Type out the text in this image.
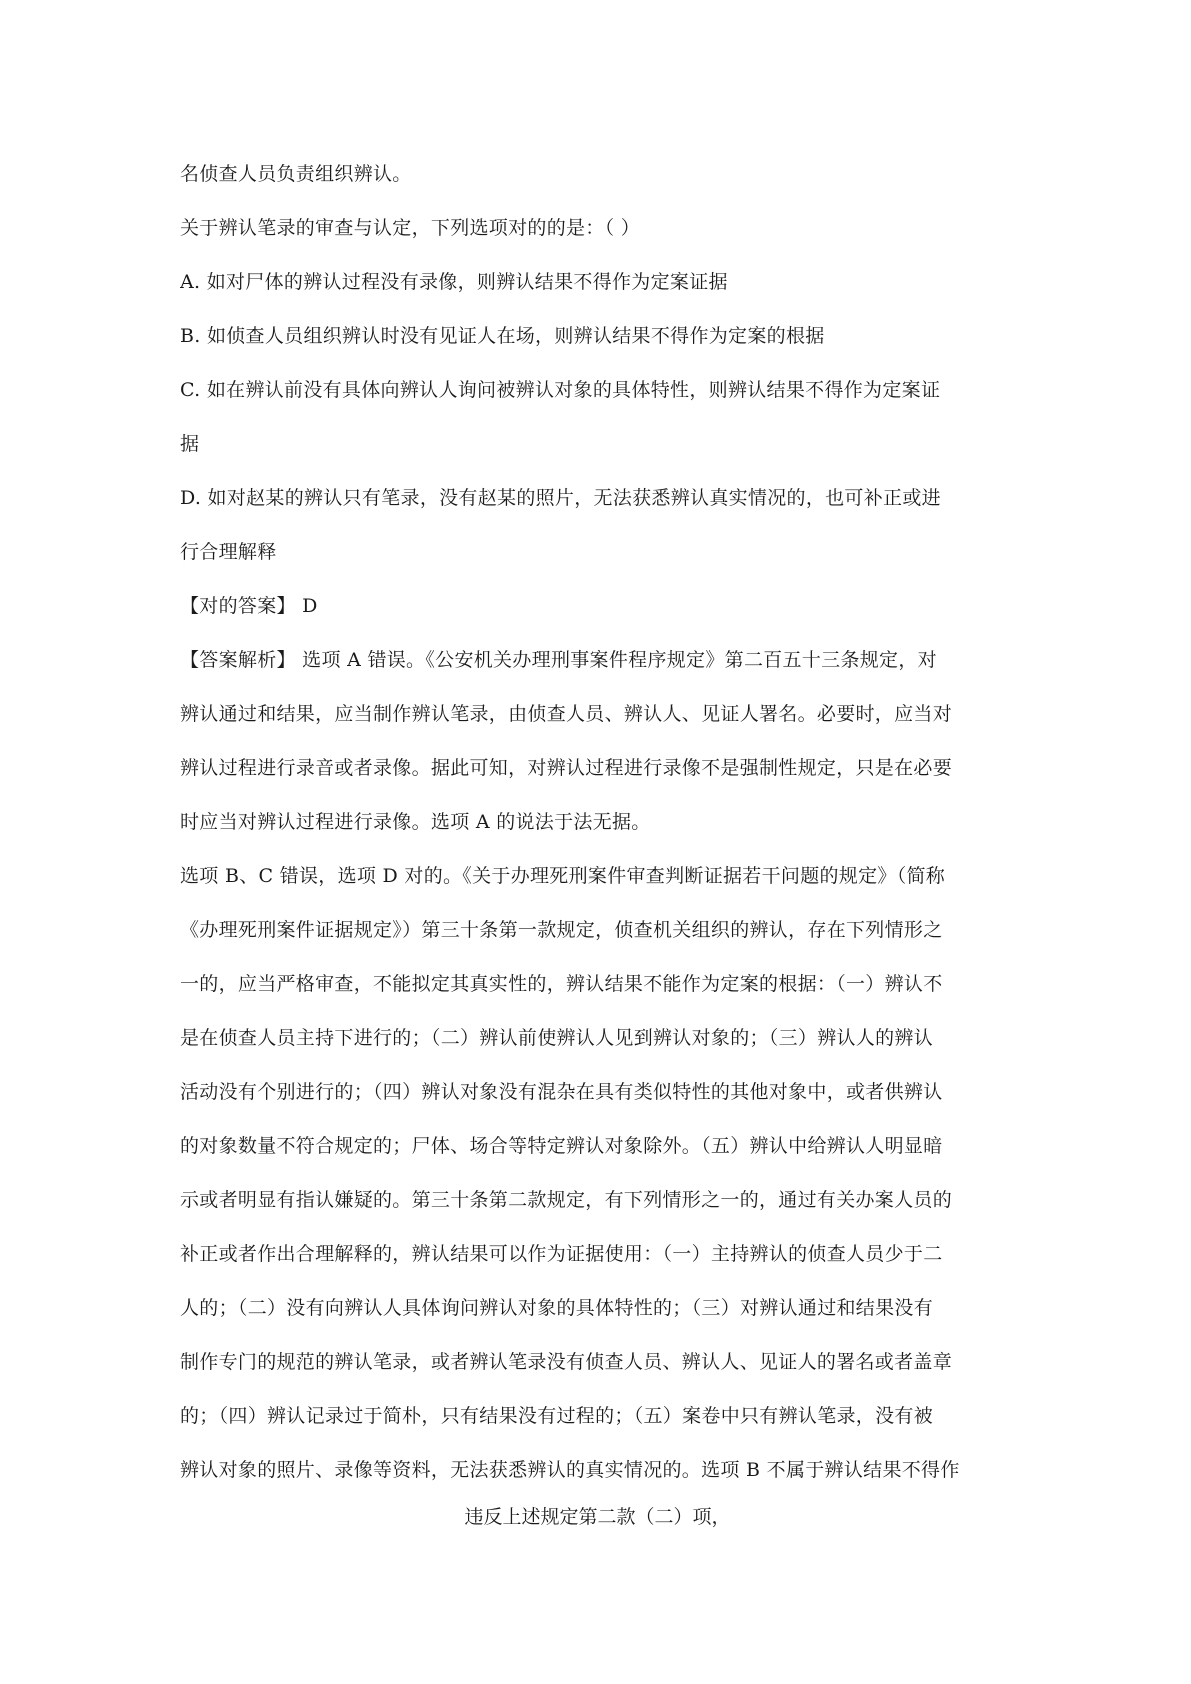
名侦查人员负责组织辨认。
关于辨认笔录的审查与认定，下列选项对的的是：（ ）
A. 如对尸体的辨认过程没有录像，则辨认结果不得作为定案证据
B. 如侦查人员组织辨认时没有见证人在场，则辨认结果不得作为定案的根据
C. 如在辨认前没有具体向辨认人询问被辨认对象的具体特性，则辨认结果不得作为定案证
据
D. 如对赵某的辨认只有笔录，没有赵某的照片，无法获悉辨认真实情况的，也可补正或进
行合理解释
【对的答案】 D
【答案解析】 选项 A 错误。《公安机关办理刑事案件程序规定》第二百五十三条规定，对
辨认通过和结果，应当制作辨认笔录，由侦查人员、辨认人、见证人署名。必要时，应当对
辨认过程进行录音或者录像。据此可知，对辨认过程进行录像不是强制性规定，只是在必要
时应当对辨认过程进行录像。选项 A 的说法于法无据。
选项 B、C 错误，选项 D 对的。《关于办理死刑案件审查判断证据若干问题的规定》（简称
《办理死刑案件证据规定》）第三十条第一款规定，侦查机关组织的辨认，存在下列情形之
一的，应当严格审查，不能拟定其真实性的，辨认结果不能作为定案的根据：（一）辨认不
是在侦查人员主持下进行的；（二）辨认前使辨认人见到辨认对象的；（三）辨认人的辨认
活动没有个别进行的；（四）辨认对象没有混杂在具有类似特性的其他对象中，或者供辨认
的对象数量不符合规定的；尸体、场合等特定辨认对象除外。（五）辨认中给辨认人明显暗
示或者明显有指认嫌疑的。第三十条第二款规定，有下列情形之一的，通过有关办案人员的
补正或者作出合理解释的，辨认结果可以作为证据使用：（一）主持辨认的侦查人员少于二
人的；（二）没有向辨认人具体询问辨认对象的具体特性的；（三）对辨认通过和结果没有
制作专门的规范的辨认笔录，或者辨认笔录没有侦查人员、辨认人、见证人的署名或者盖章
的；（四）辨认记录过于简朴，只有结果没有过程的；（五）案卷中只有辨认笔录，没有被
辨认对象的照片、录像等资料，无法获悉辨认的真实情况的。选项 B 不属于辨认结果不得作
违反上述规定第二款（二）项，
